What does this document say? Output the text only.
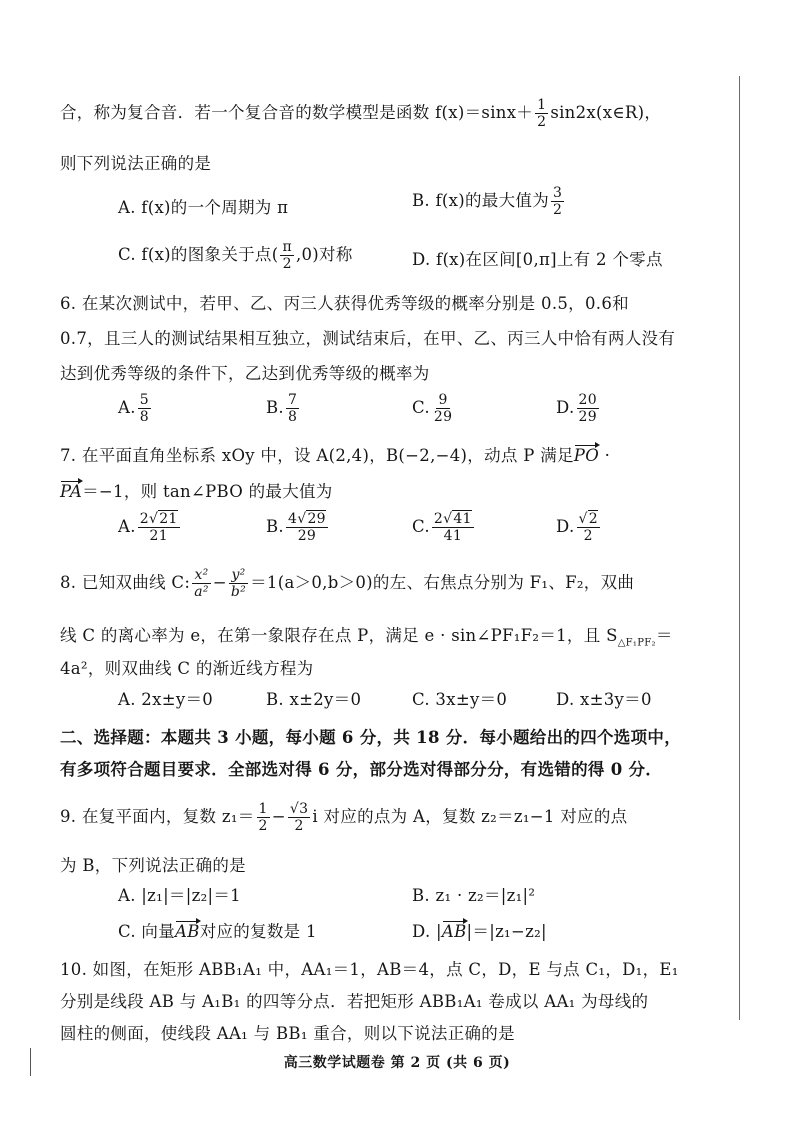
合，称为复合音．若一个复合音的数学模型是函数 $f(x)=\sin x+ \frac{1}{2}$ sin2x(x∈R)，
则下列说法正确的是
A. f(x)的一个周期为 π	B. f(x)的最大值为 $\frac{3}{2}$
C. f(x)的图象关于点( $\frac{\pi}{2} ,0$)对称	D. f(x)在区间[0,π]上有 2 个零点
6. 在某次测试中，若甲、乙、丙三人获得优秀等级的概率分别是 0.5，0.6和
0.7，且三人的测试结果相互独立，测试结束后，在甲、乙、丙三人中恰有两人没有
达到优秀等级的条件下，乙达到优秀等级的概率为
A. $\frac{5}{8}$	B. $\frac{7}{8}$	C. $\frac{9}{29}$	D. $\frac{20}{29}$
7. 在平面直角坐标系 xOy 中，设 A(2,4)，B(−2,−4)，动点 P 满足PO ·
PA＝−1，则 tan∠PBO 的最大值为
A. $\frac{2√21}{21}$	B. $\frac{4√29}{29}$	C. $\frac{2√41}{41}$	D. $\frac{√2}{2}$
8. 已知双曲线 C: $\frac{\text{x²}}{\text{a²}} - \frac{\text{y²}}{\text{b²}} =1(a>0,b>0)$的左、右焦点分别为 F₁、F₂，双曲
线 C 的离心率为 e，在第一象限存在点 P，满足 e · sin∠PF₁F₂＝1，且 $S_{\triangle F_1PF_2}=$
4a²，则双曲线 C 的渐近线方程为
A. 2x±y＝0	B. x±2y＝0	C. 3x±y＝0	D. x±3y＝0
二、选择题：本题共 3 小题，每小题 6 分，共 18 分．每小题给出的四个选项中，
有多项符合题目要求．全部选对得 6 分，部分选对得部分分，有选错的得 0 分．
9. 在复平面内，复数 $z_1= \frac{1}{2} - \frac{√3}{2}$ i 对应的点为 A，复数 z₂＝z₁−1 对应的点
为 B，下列说法正确的是
A. |z₁|＝|z₂|＝1	B. z₁ · z₂＝|z₁|²
C. 向量AB对应的复数是 1	D. |AB|＝|z₁−z₂|
10. 如图，在矩形 ABB₁A₁ 中，AA₁＝1，AB＝4，点 C，D，E 与点 C₁，D₁，E₁
分别是线段 AB 与 A₁B₁ 的四等分点．若把矩形 ABB₁A₁ 卷成以 AA₁ 为母线的
圆柱的侧面，使线段 AA₁ 与 BB₁ 重合，则以下说法正确的是
高三数学试题卷 第 2 页 (共 6 页)
